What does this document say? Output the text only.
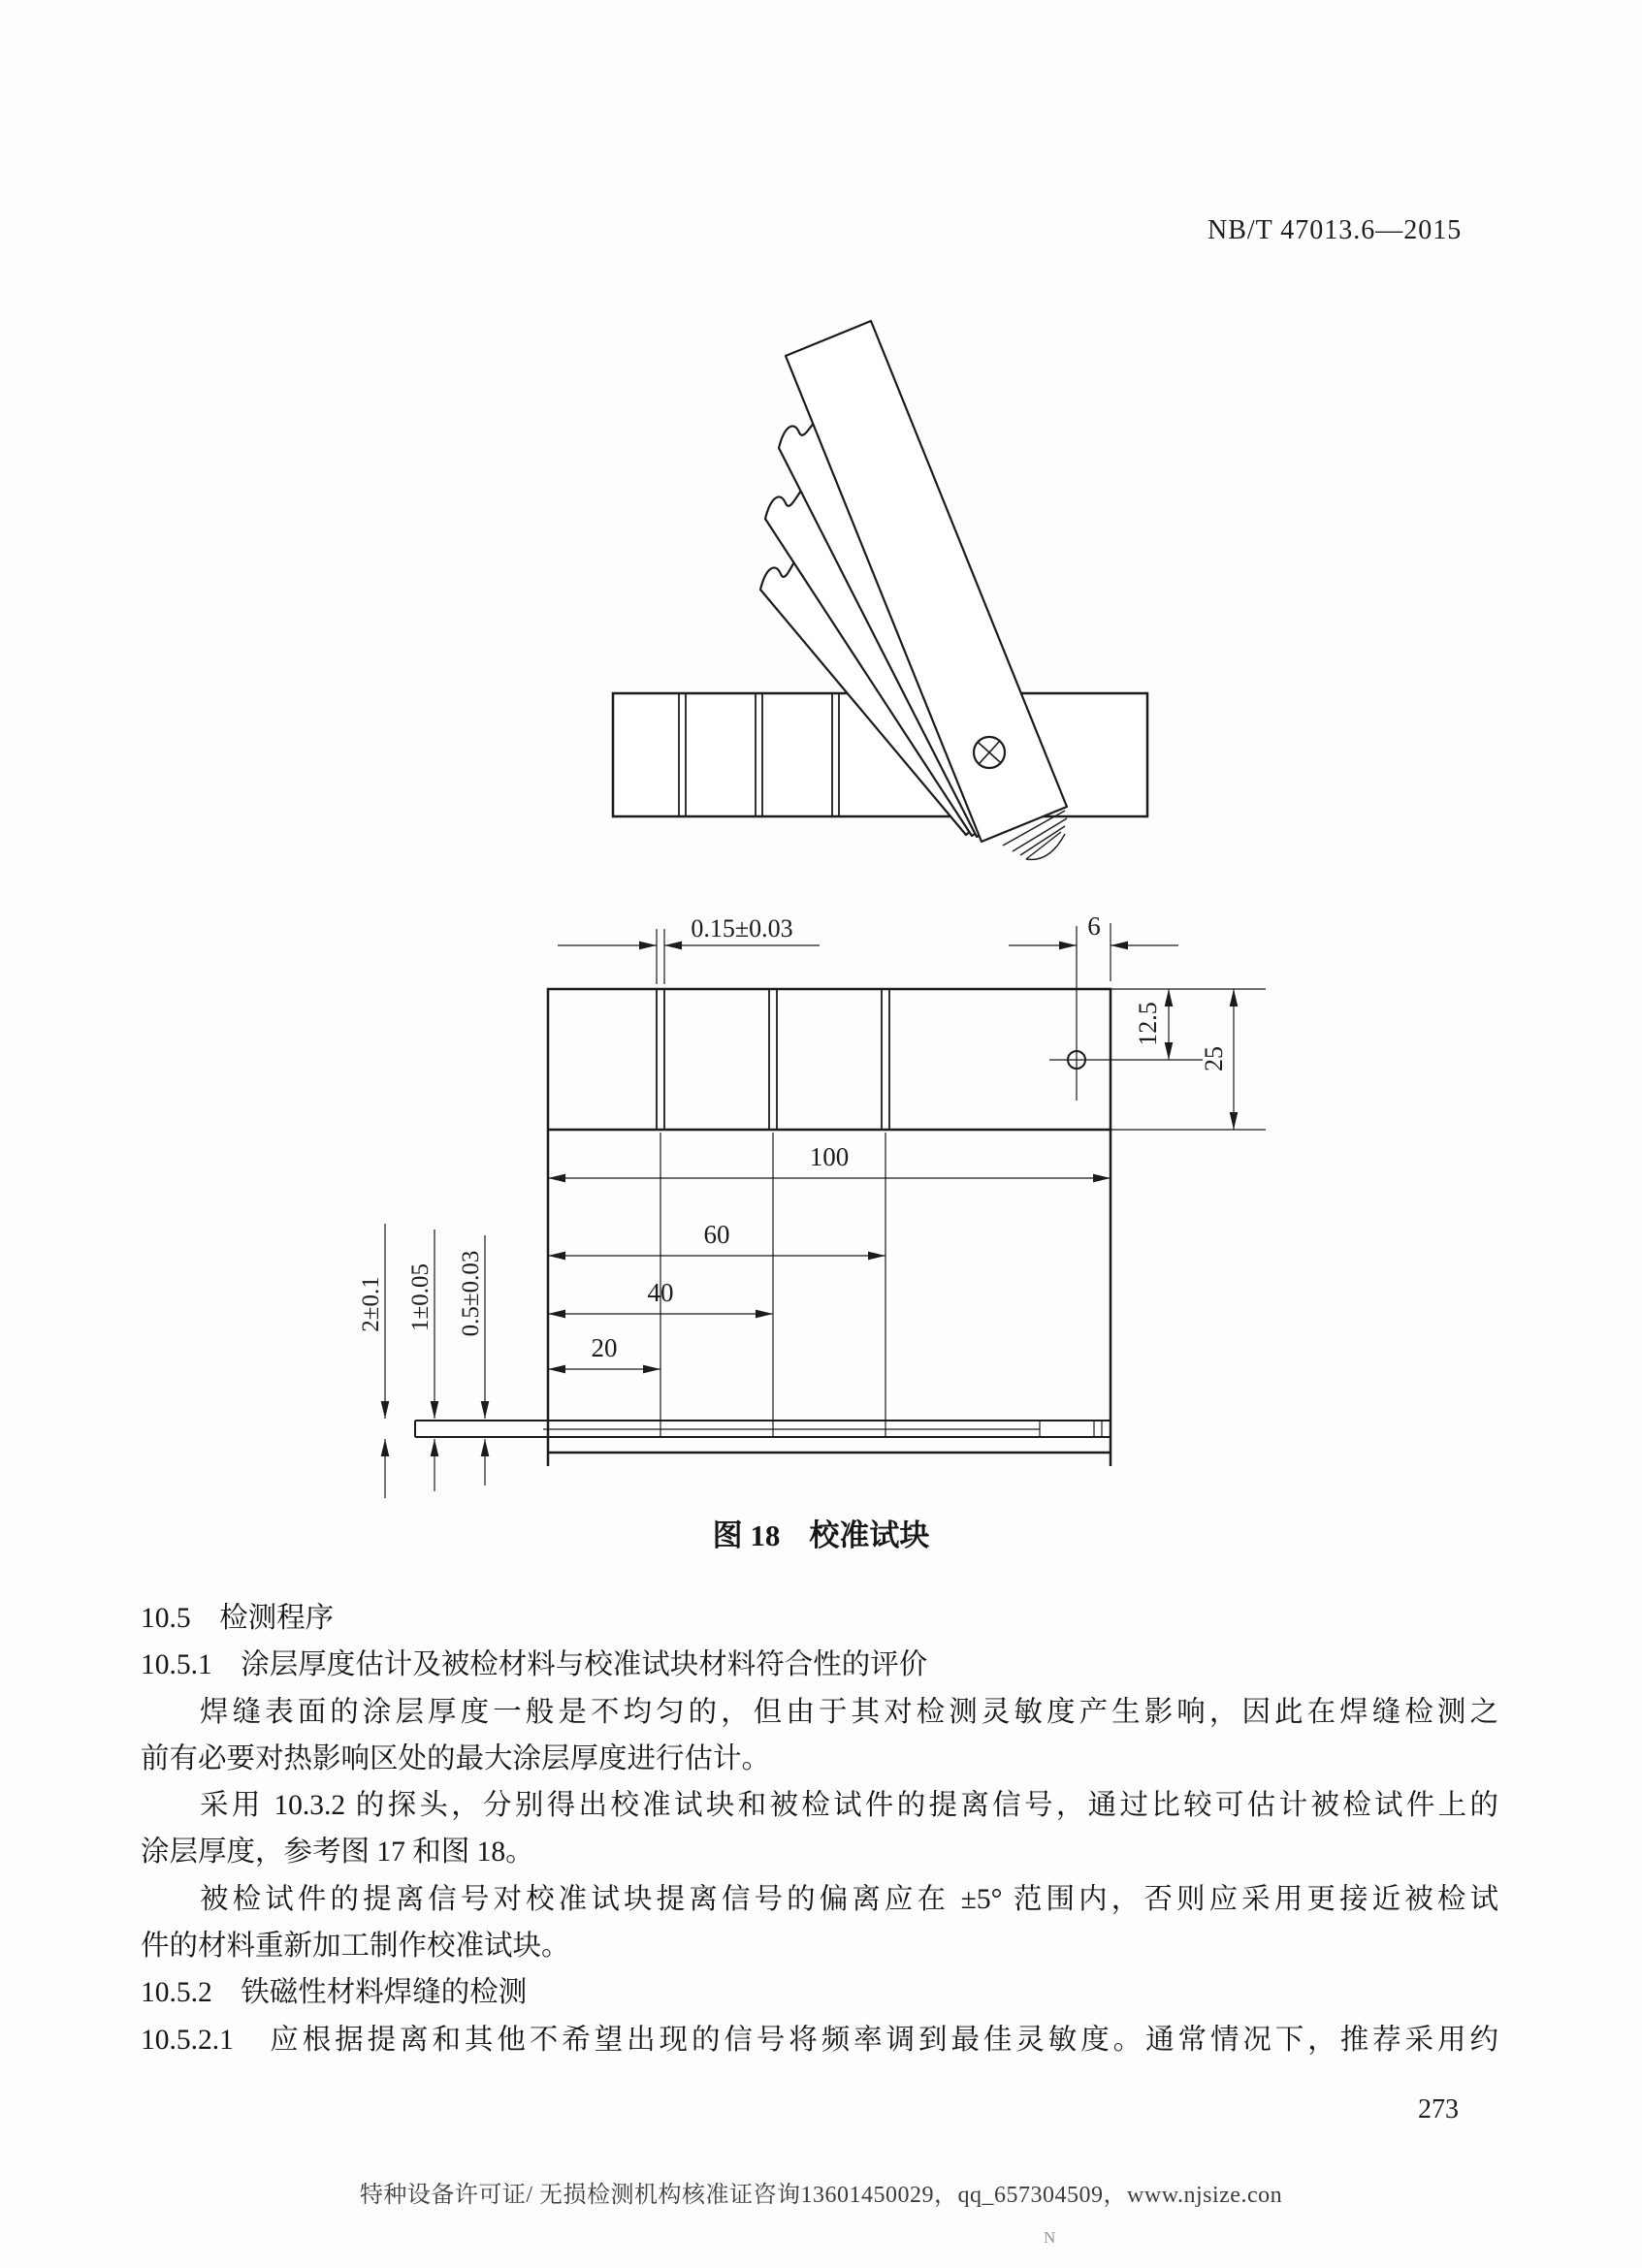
NB/T 47013.6—2015
0.15±0.03	6
12.5
25
100
60
40
20
2±0.1 1±0.05 0.5±0.03
图 18 校准试块
10.5　检测程序
10.5.1　涂层厚度估计及被检材料与校准试块材料符合性的评价
焊缝表面的涂层厚度一般是不均匀的，但由于其对检测灵敏度产生影响，因此在焊缝检测之
前有必要对热影响区处的最大涂层厚度进行估计。
采用 10.3.2 的探头，分别得出校准试块和被检试件的提离信号，通过比较可估计被检试件上的
涂层厚度，参考图 17 和图 18。
被检试件的提离信号对校准试块提离信号的偏离应在 ±5° 范围内，否则应采用更接近被检试
件的材料重新加工制作校准试块。
10.5.2　铁磁性材料焊缝的检测
10.5.2.1　应根据提离和其他不希望出现的信号将频率调到最佳灵敏度。通常情况下，推荐采用约
273
特种设备许可证/ 无损检测机构核准证咨询13601450029，qq_657304509，www.njsize.con
N
